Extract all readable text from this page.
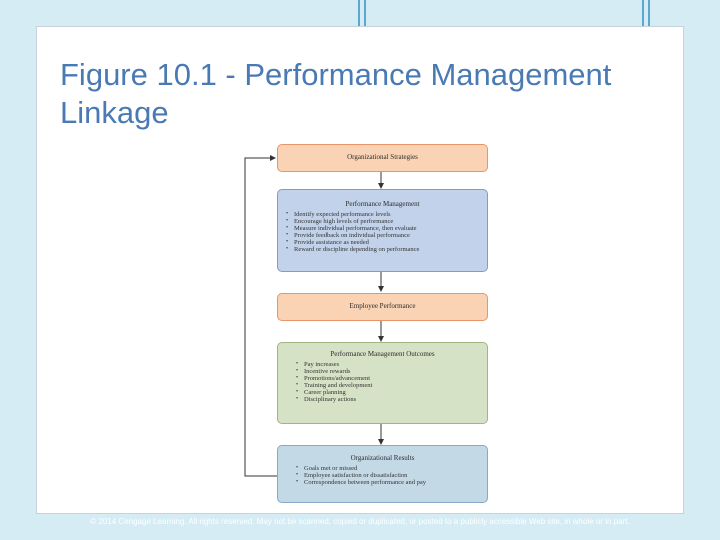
Figure 10.1 - Performance Management Linkage
Organizational Strategies
Performance Management
• Identify expected performance levels
• Encourage high levels of performance
• Measure individual performance, then evaluate
• Provide feedback on individual performance
• Provide assistance as needed
• Reward or discipline depending on performance
Employee Performance
Performance Management Outcomes
• Pay increases
• Incentive rewards
• Promotions/advancement
• Training and development
• Career planning
• Disciplinary actions
Organizational Results
• Goals met or missed
• Employee satisfaction or dissatisfaction
• Correspondence between performance and pay
© 2014 Cengage Learning. All rights reserved. May not be scanned, copied or duplicated, or posted to a publicly accessible Web site, in whole or in part.
